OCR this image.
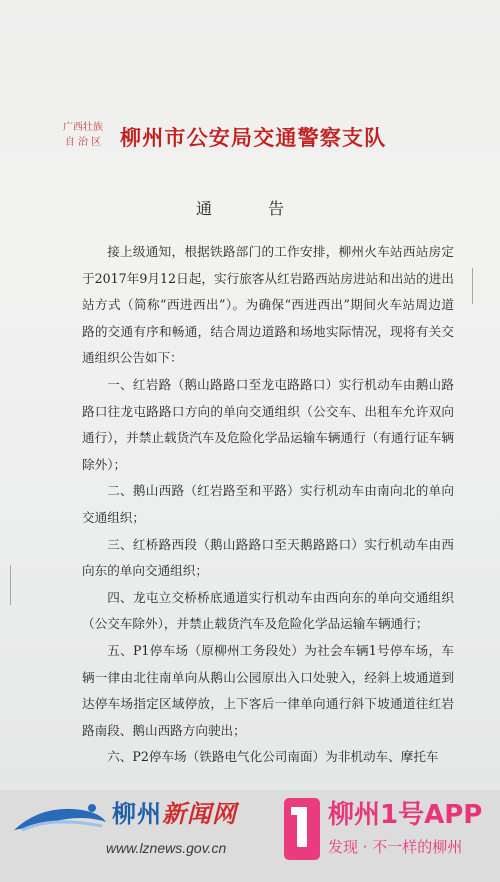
广西壮族
自 治 区 柳州市公安局交通警察支队
通　告

接上级通知，根据铁路部门的工作安排，柳州火车站西站房定于2017年9月12日起，实行旅客从红岩路西站房进站和出站的进出站方式（简称“西进西出”）。为确保“西进西出”期间火车站周边道路的交通有序和畅通，结合周边道路和场地实际情况，现将有关交通组织公告如下：

一、红岩路（鹅山路路口至龙屯路路口）实行机动车由鹅山路路口往龙屯路路口方向的单向交通组织（公交车、出租车允许双向通行），并禁止载货汽车及危险化学品运输车辆通行（有通行证车辆除外）；

二、鹅山西路（红岩路至和平路）实行机动车由南向北的单向交通组织；

三、红桥路西段（鹅山路路口至天鹅路路口）实行机动车由西向东的单向交通组织；

四、龙屯立交桥桥底通道实行机动车由西向东的单向交通组织（公交车除外），并禁止载货汽车及危险化学品运输车辆通行；

五、P1停车场（原柳州工务段处）为社会车辆1号停车场，车辆一律由北往南单向从鹅山公园原出入口处驶入，经斜上坡通道到达停车场指定区域停放，上下客后一律单向通行斜下坡通道往红岩路南段、鹅山西路方向驶出；

六、P2停车场（铁路电气化公司南面）为非机动车、摩托车

柳州新闻网
www.lznews.gov.cn
柳州1号APP
发现 · 不一样的柳州
